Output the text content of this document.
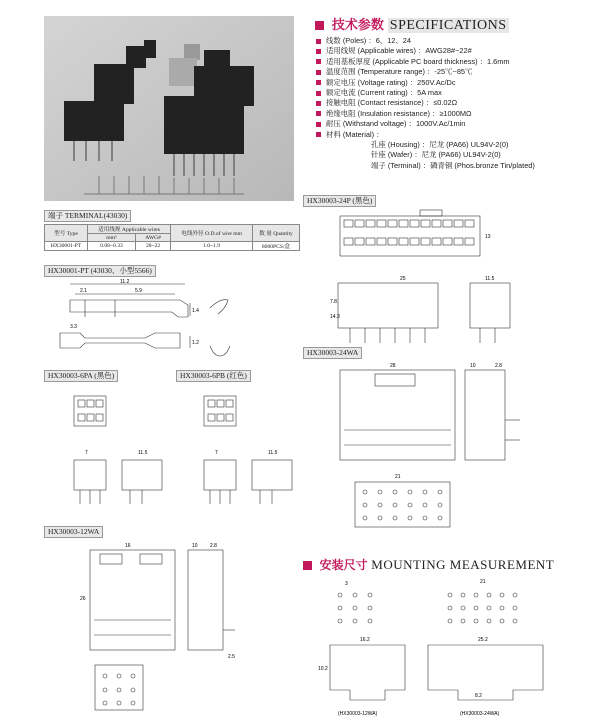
技术参数 SPECIFICATIONS
线数 (Poles) ：6、12、24
适用线规 (Applicable wires) ：AWG28#~22#
适用基板厚度 (Applicable PC board thickness) ：1.6mm
温度范围 (Temperature range) ：-25℃~85℃
额定电压 (Voltage rating) ：250V.Ac/Dc
额定电流 (Current rating) ：5A max
接触电阻 (Contact resistance) ：≤0.02Ω
绝缘电阻 (Insulation resistance) ：≥1000MΩ
耐压 (Withstand voltage) ：1000V.Ac/1min
材料 (Material) ：
孔座 (Housing) ：尼龙 (PA66) UL94V-2(0)
针座 (Wafer) ：尼龙 (PA66) UL94V-2(0)
端子 (Terminal) ：磷青铜 (Phos.bronze Tin/plated)
端子 TERMINAL(43030)
型号 Type	适用线规 Applicable wires		电线外径 O.D.of wire mm	数 量 Quantity
	mm²	AWG#		
HX30001-PT	0.08~0.33	28~22	1.0~1.9	8000PCS/盒
HX30001-PT (43030、小型5566)
HX30003-24P (黑色)
HX30003-6PA (黑色)	HX30003-6PB (红色)
HX30003-24WA
HX30003-12WA
11.2
5.9
2.1
1.4
1.2
3.3
25
13
7.8
14.3
11.5
28	10	2.8
21
7	11.5	7	11.5
16
26
10 2.8
2.5
安装尺寸 MOUNTING MEASUREMENT
16.2	25.2
10.2
8.2
21
3
(HX30003-12WA)	(HX30003-24WA)
